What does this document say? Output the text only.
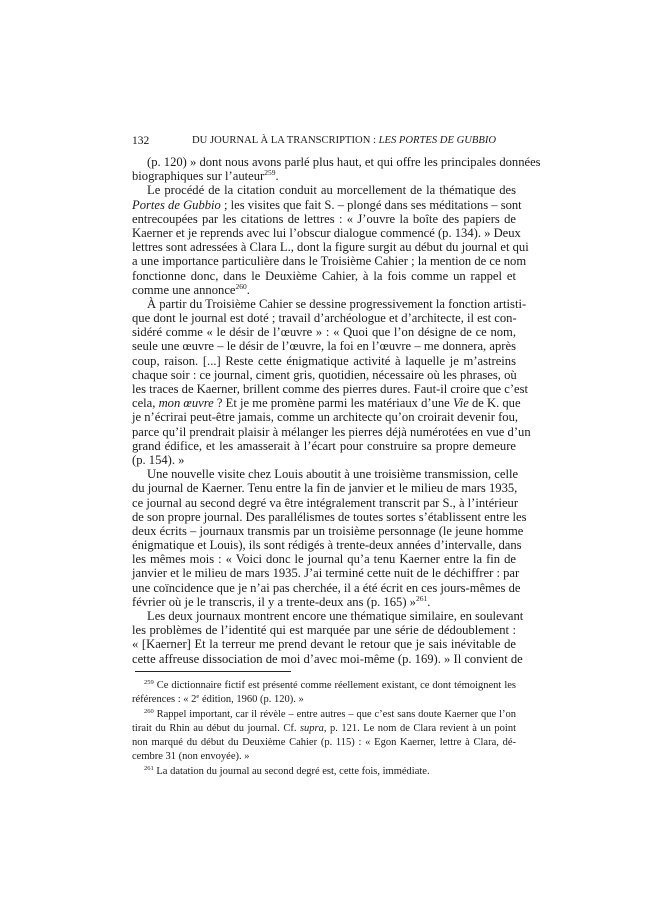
132	DU JOURNAL À LA TRANSCRIPTION : LES PORTES DE GUBBIO
(p. 120) » dont nous avons parlé plus haut, et qui offre les principales données
biographiques sur l’auteur$^{259}$.
Le procédé de la citation conduit au morcellement de la thématique des
Portes de Gubbio ; les visites que fait S. – plongé dans ses méditations – sont
entrecoupées par les citations de lettres : « J’ouvre la boîte des papiers de
Kaerner et je reprends avec lui l’obscur dialogue commencé (p. 134). » Deux
lettres sont adressées à Clara L., dont la figure surgit au début du journal et qui
a une importance particulière dans le Troisième Cahier ; la mention de ce nom
fonctionne donc, dans le Deuxième Cahier, à la fois comme un rappel et
comme une annonce$^{260}$.
À partir du Troisième Cahier se dessine progressivement la fonction artisti-
que dont le journal est doté ; travail d’archéologue et d’architecte, il est con-
sidéré comme « le désir de l’œuvre » : « Quoi que l’on désigne de ce nom,
seule une œuvre – le désir de l’œuvre, la foi en l’œuvre – me donnera, après
coup, raison. [...] Reste cette énigmatique activité à laquelle je m’astreins
chaque soir : ce journal, ciment gris, quotidien, nécessaire où les phrases, où
les traces de Kaerner, brillent comme des pierres dures. Faut-il croire que c’est
cela, mon œuvre ? Et je me promène parmi les matériaux d’une Vie de K. que
je n’écrirai peut-être jamais, comme un architecte qu’on croirait devenir fou,
parce qu’il prendrait plaisir à mélanger les pierres déjà numérotées en vue d’un
grand édifice, et les amasserait à l’écart pour construire sa propre demeure
(p. 154). »
Une nouvelle visite chez Louis aboutit à une troisième transmission, celle
du journal de Kaerner. Tenu entre la fin de janvier et le milieu de mars 1935,
ce journal au second degré va être intégralement transcrit par S., à l’intérieur
de son propre journal. Des parallélismes de toutes sortes s’établissent entre les
deux écrits – journaux transmis par un troisième personnage (le jeune homme
énigmatique et Louis), ils sont rédigés à trente-deux années d’intervalle, dans
les mêmes mois : « Voici donc le journal qu’a tenu Kaerner entre la fin de
janvier et le milieu de mars 1935. J’ai terminé cette nuit de le déchiffrer : par
une coïncidence que je n’ai pas cherchée, il a été écrit en ces jours-mêmes de
février où je le transcris, il y a trente-deux ans (p. 165) »$^{261}$.
Les deux journaux montrent encore une thématique similaire, en soulevant
les problèmes de l’identité qui est marquée par une série de dédoublement :
« [Kaerner] Et la terreur me prend devant le retour que je sais inévitable de
cette affreuse dissociation de moi d’avec moi-même (p. 169). » Il convient de
$^{259}$ Ce dictionnaire fictif est présenté comme réellement existant, ce dont témoignent les
références : « 2e édition, 1960 (p. 120). »
$^{260}$ Rappel important, car il révèle – entre autres – que c’est sans doute Kaerner que l’on
tirait du Rhin au début du journal. Cf. supra, p. 121. Le nom de Clara revient à un point
non marqué du début du Deuxième Cahier (p. 115) : « Egon Kaerner, lettre à Clara, dé-
cembre 31 (non envoyée). »
$^{261}$ La datation du journal au second degré est, cette fois, immédiate.
